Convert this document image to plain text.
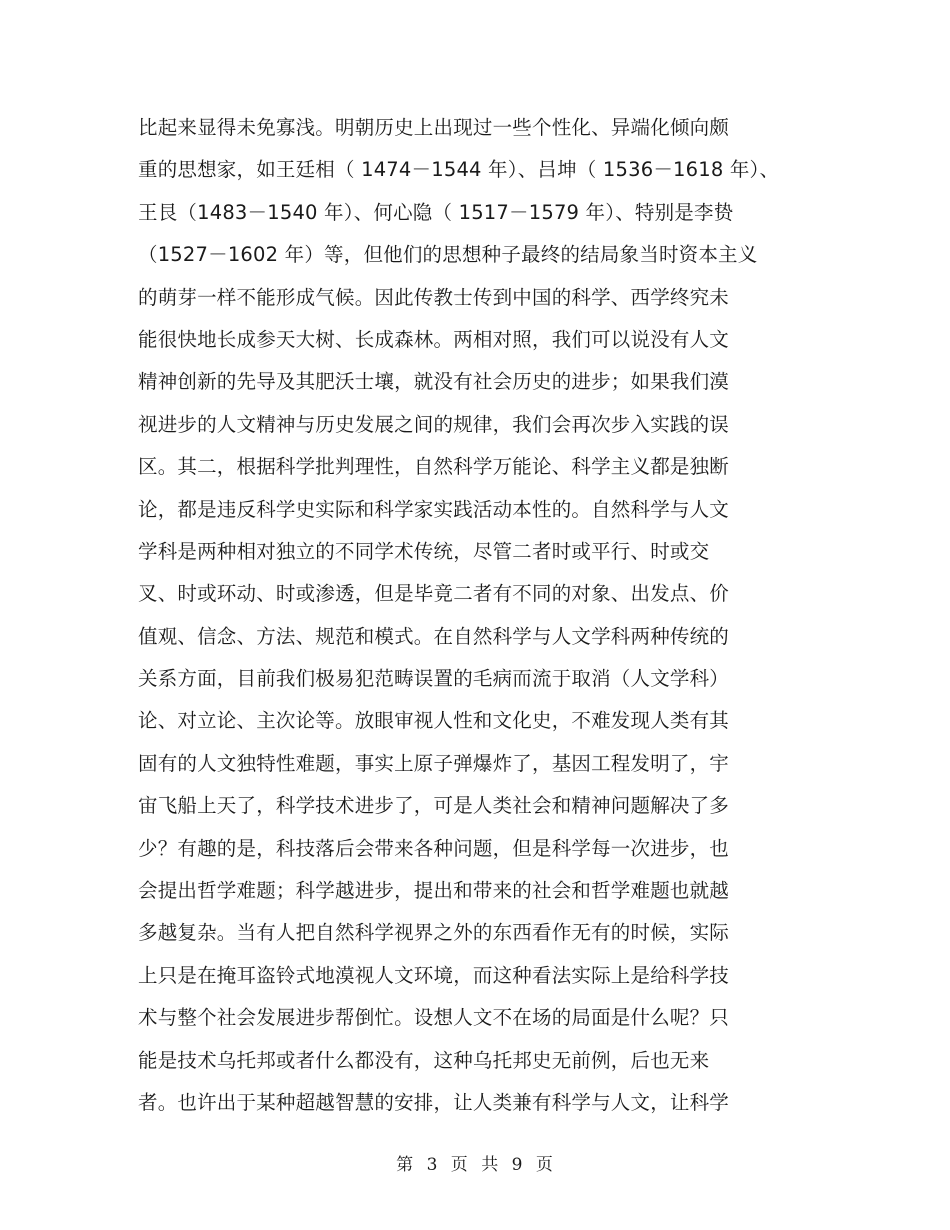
比起来显得未免寡浅。明朝历史上出现过一些个性化、异端化倾向颇
重的思想家，如王廷相（ 1474－1544 年）、吕坤（ 1536－1618 年）、
王艮（1483－1540 年）、何心隐（ 1517－1579 年）、特别是李贽
（1527－1602 年）等，但他们的思想种子最终的结局象当时资本主义
的萌芽一样不能形成气候。因此传教士传到中国的科学、西学终究未
能很快地长成参天大树、长成森林。两相对照，我们可以说没有人文
精神创新的先导及其肥沃士壤，就没有社会历史的进步；如果我们漠
视进步的人文精神与历史发展之间的规律，我们会再次步入实践的误
区。其二，根据科学批判理性，自然科学万能论、科学主义都是独断
论，都是违反科学史实际和科学家实践活动本性的。自然科学与人文
学科是两种相对独立的不同学术传统，尽管二者时或平行、时或交
叉、时或环动、时或渗透，但是毕竟二者有不同的对象、出发点、价
值观、信念、方法、规范和模式。在自然科学与人文学科两种传统的
关系方面，目前我们极易犯范畴误置的毛病而流于取消（人文学科）
论、对立论、主次论等。放眼审视人性和文化史，不难发现人类有其
固有的人文独特性难题，事实上原子弹爆炸了，基因工程发明了，宇
宙飞船上天了，科学技术进步了，可是人类社会和精神问题解决了多
少？有趣的是，科技落后会带来各种问题，但是科学每一次进步，也
会提出哲学难题；科学越进步，提出和带来的社会和哲学难题也就越
多越复杂。当有人把自然科学视界之外的东西看作无有的时候，实际
上只是在掩耳盗铃式地漠视人文环境，而这种看法实际上是给科学技
术与整个社会发展进步帮倒忙。设想人文不在场的局面是什么呢？只
能是技术乌托邦或者什么都没有，这种乌托邦史无前例，后也无来
者。也许出于某种超越智慧的安排，让人类兼有科学与人文，让科学
第 3 页 共 9 页
